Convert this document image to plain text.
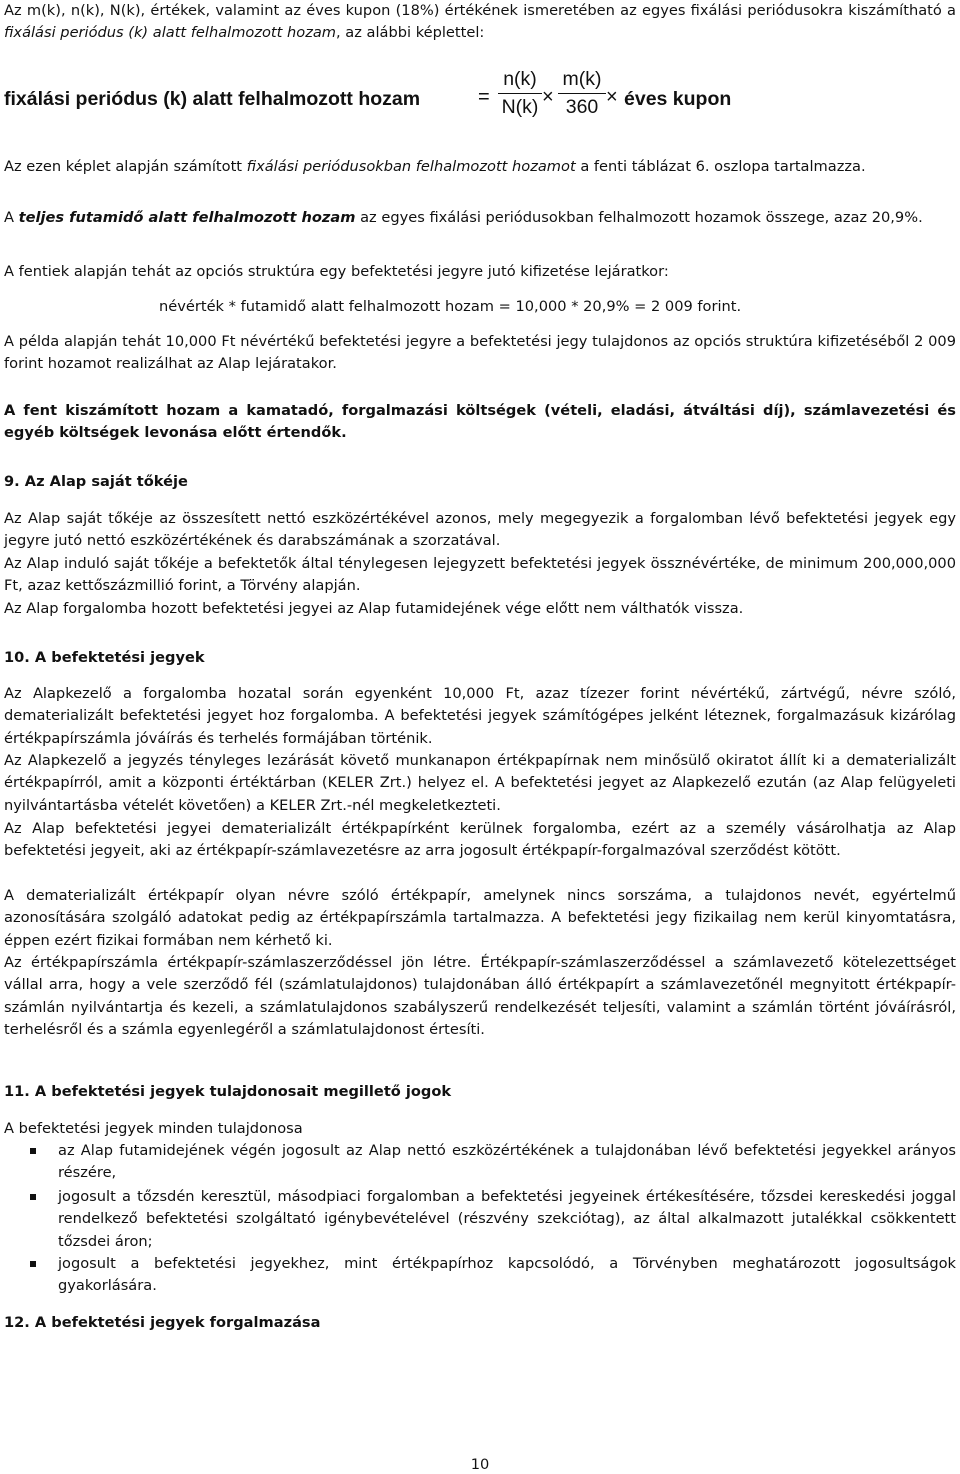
Az m(k), n(k), N(k), értékek, valamint az éves kupon (18%) értékének ismeretében az egyes fixálási periódusokra kiszámítható a fixálási periódus (k) alatt felhalmozott hozam, az alábbi képlettel:

fixálási periódus (k) alatt felhalmozott hozam	= $\frac{n(k)}{N(k)} \times \frac{m(k)}{360}$ × éves kupon

Az ezen képlet alapján számított fixálási periódusokban felhalmozott hozamot a fenti táblázat 6. oszlopa tartalmazza.

A teljes futamidő alatt felhalmozott hozam az egyes fixálási periódusokban felhalmozott hozamok összege, azaz 20,9%.

A fentiek alapján tehát az opciós struktúra egy befektetési jegyre jutó kifizetése lejáratkor:

névérték * futamidő alatt felhalmozott hozam = 10,000 * 20,9% = 2 009 forint.

A példa alapján tehát 10,000 Ft névértékű befektetési jegyre a befektetési jegy tulajdonos az opciós struktúra kifizetéséből 2 009 forint hozamot realizálhat az Alap lejáratakor.

A fent kiszámított hozam a kamatadó, forgalmazási költségek (vételi, eladási, átváltási díj), számlavezetési és egyéb költségek levonása előtt értendők.

9. Az Alap saját tőkéje

Az Alap saját tőkéje az összesített nettó eszközértékével azonos, mely megegyezik a forgalomban lévő befektetési jegyek egy jegyre jutó nettó eszközértékének és darabszámának a szorzatával.

Az Alap induló saját tőkéje a befektetők által ténylegesen lejegyzett befektetési jegyek össznévértéke, de minimum 200,000,000 Ft, azaz kettőszázmillió forint, a Törvény alapján.

Az Alap forgalomba hozott befektetési jegyei az Alap futamidejének vége előtt nem válthatók vissza.

10. A befektetési jegyek

Az Alapkezelő a forgalomba hozatal során egyenként 10,000 Ft, azaz tízezer forint névértékű, zártvégű, névre szóló, dematerializált befektetési jegyet hoz forgalomba. A befektetési jegyek számítógépes jelként léteznek, forgalmazásuk kizárólag értékpapírszámla jóváírás és terhelés formájában történik.

Az Alapkezelő a jegyzés tényleges lezárását követő munkanapon értékpapírnak nem minősülő okiratot állít ki a dematerializált értékpapírról, amit a központi értéktárban (KELER Zrt.) helyez el. A befektetési jegyet az Alapkezelő ezután (az Alap felügyeleti nyilvántartásba vételét követően) a KELER Zrt.-nél megkeletkezteti.

Az Alap befektetési jegyei dematerializált értékpapírként kerülnek forgalomba, ezért az a személy vásárolhatja az Alap befektetési jegyeit, aki az értékpapír-számlavezetésre az arra jogosult értékpapír-forgalmazóval szerződést kötött.

A dematerializált értékpapír olyan névre szóló értékpapír, amelynek nincs sorszáma, a tulajdonos nevét, egyértelmű azonosítására szolgáló adatokat pedig az értékpapírszámla tartalmazza. A befektetési jegy fizikailag nem kerül kinyomtatásra, éppen ezért fizikai formában nem kérhető ki.

Az értékpapírszámla értékpapír-számlaszerződéssel jön létre. Értékpapír-számlaszerződéssel a számlavezető kötelezettséget vállal arra, hogy a vele szerződő fél (számlatulajdonos) tulajdonában álló értékpapírt a számlavezetőnél megnyitott értékpapír-számlán nyilvántartja és kezeli, a számlatulajdonos szabályszerű rendelkezését teljesíti, valamint a számlán történt jóváírásról, terhelésről és a számla egyenlegéről a számlatulajdonost értesíti.

11. A befektetési jegyek tulajdonosait megillető jogok

A befektetési jegyek minden tulajdonosa

az Alap futamidejének végén jogosult az Alap nettó eszközértékének a tulajdonában lévő befektetési jegyekkel arányos részére,
jogosult a tőzsdén keresztül, másodpiaci forgalomban a befektetési jegyeinek értékesítésére, tőzsdei kereskedési joggal rendelkező befektetési szolgáltató igénybevételével (részvény szekciótag), az által alkalmazott jutalékkal csökkentett tőzsdei áron;
jogosult a befektetési jegyekhez, mint értékpapírhoz kapcsolódó, a Törvényben meghatározott jogosultságok gyakorlására.
12. A befektetési jegyek forgalmazása
10
